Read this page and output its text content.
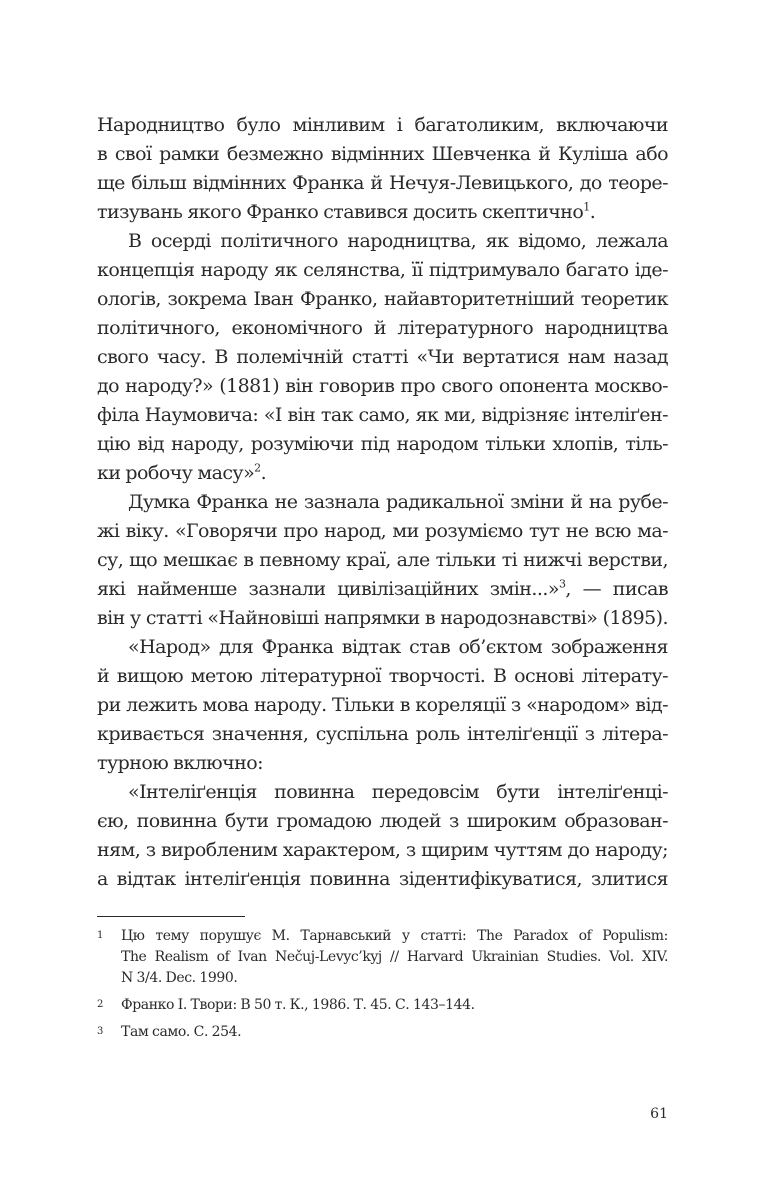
Народництво було мінливим і багатоликим, включаючи
в свої рамки безмежно відмінних Шевченка й Куліша або
ще більш відмінних Франка й Нечуя-Левицького, до теоре-
тизувань якого Франко ставився досить скептично$^1$.
В осерді політичного народництва, як відомо, лежала
концепція народу як селянства, її підтримувало багато іде-
ологів, зокрема Іван Франко, найавторитетніший теоретик
політичного, економічного й літературного народництва
свого часу. В полемічній статті «Чи вертатися нам назад
до народу?» (1881) він говорив про свого опонента москво-
філа Наумовича: «І він так само, як ми, відрізняє інтеліґен-
цію від народу, розуміючи під народом тільки хлопів, тіль-
ки робочу масу»$^2$.
Думка Франка не зазнала радикальної зміни й на рубе-
жі віку. «Говорячи про народ, ми розуміємо тут не всю ма-
су, що мешкає в певному краї, але тільки ті нижчі верстви,
які найменше зазнали цивілізаційних змін...»$^3$, — писав
він у статті «Найновіші напрямки в народознавстві» (1895).
«Народ» для Франка відтак став об’єктом зображення
й вищою метою літературної творчості. В основі літерату-
ри лежить мова народу. Тільки в кореляції з «народом» від-
кривається значення, суспільна роль інтеліґенції з літера-
турною включно:
«Інтеліґенція повинна передовсім бути інтеліґенці-
єю, повинна бути громадою людей з широким образован-
ням, з виробленим характером, з щирим чуттям до народу;
а відтак інтеліґенція повинна зідентифікуватися, злитися
1 Цю тему порушує М. Тарнавський у статті: The Paradox of Populism:
The Realism of Ivan Nečuj-Levyc’kyj // Harvard Ukrainian Studies. Vol. XIV.
N 3/4. Dec. 1990.
2 Франко І. Твори: В 50 т. К., 1986. Т. 45. С. 143–144.
3 Там само. С. 254.
61
